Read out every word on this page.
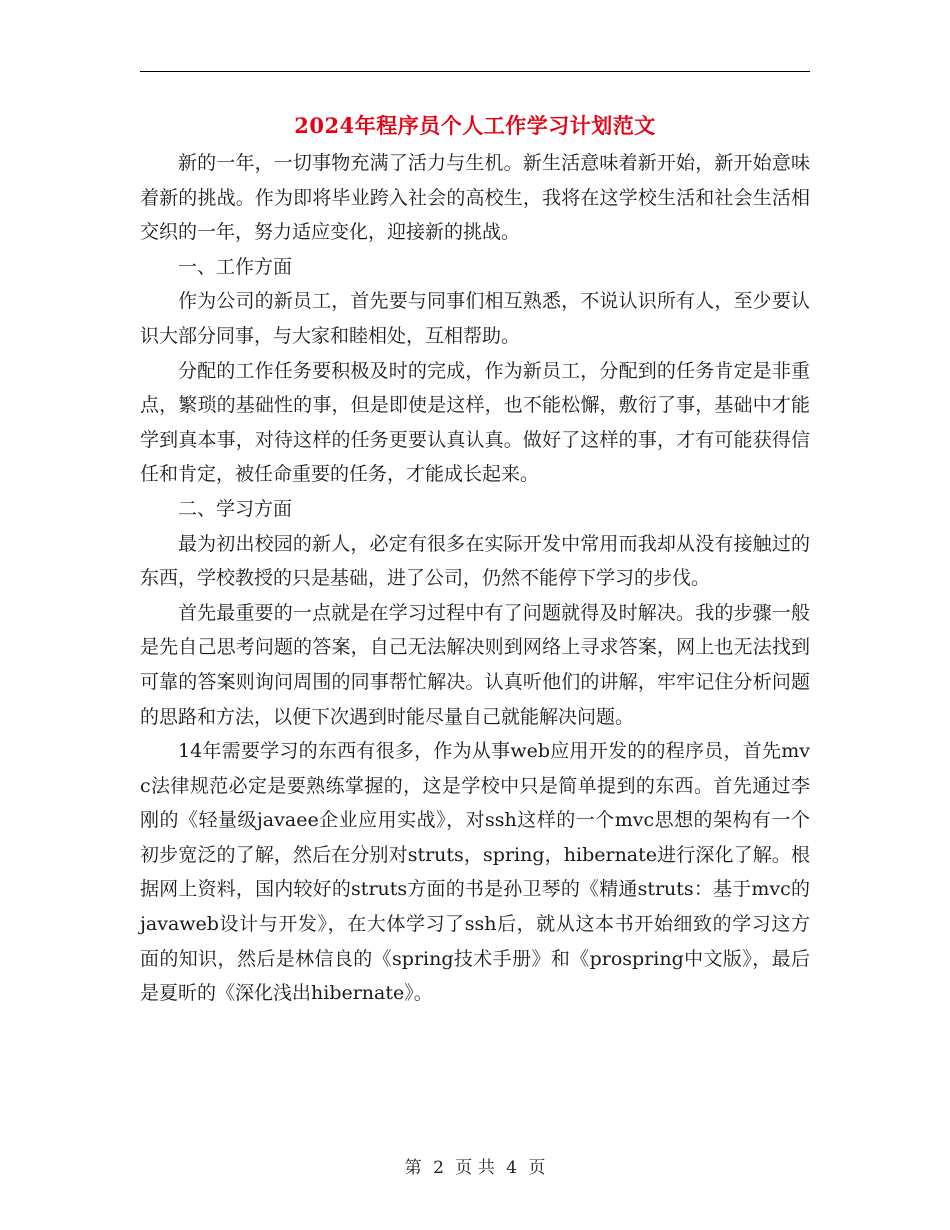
2024年程序员个人工作学习计划范文

新的一年，一切事物充满了活力与生机。新生活意味着新开始，新开始意味着新的挑战。作为即将毕业跨入社会的高校生，我将在这学校生活和社会生活相交织的一年，努力适应变化，迎接新的挑战。

一、工作方面

作为公司的新员工，首先要与同事们相互熟悉，不说认识所有人，至少要认识大部分同事，与大家和睦相处，互相帮助。

分配的工作任务要积极及时的完成，作为新员工，分配到的任务肯定是非重点，繁琐的基础性的事，但是即使是这样，也不能松懈，敷衍了事，基础中才能学到真本事，对待这样的任务更要认真认真。做好了这样的事，才有可能获得信任和肯定，被任命重要的任务，才能成长起来。

二、学习方面

最为初出校园的新人，必定有很多在实际开发中常用而我却从没有接触过的东西，学校教授的只是基础，进了公司，仍然不能停下学习的步伐。

首先最重要的一点就是在学习过程中有了问题就得及时解决。我的步骤一般是先自己思考问题的答案，自己无法解决则到网络上寻求答案，网上也无法找到可靠的答案则询问周围的同事帮忙解决。认真听他们的讲解，牢牢记住分析问题的思路和方法，以便下次遇到时能尽量自己就能解决问题。

14年需要学习的东西有很多，作为从事web应用开发的的程序员，首先mvc法律规范必定是要熟练掌握的，这是学校中只是简单提到的东西。首先通过李刚的《轻量级javaee企业应用实战》，对ssh这样的一个mvc思想的架构有一个初步宽泛的了解，然后在分别对struts，spring，hibernate进行深化了解。根据网上资料，国内较好的struts方面的书是孙卫琴的《精通struts：基于mvc的javaweb设计与开发》，在大体学习了ssh后，就从这本书开始细致的学习这方面的知识，然后是林信良的《spring技术手册》和《prospring中文版》，最后是夏昕的《深化浅出hibernate》。

第 2 页 共 4 页
